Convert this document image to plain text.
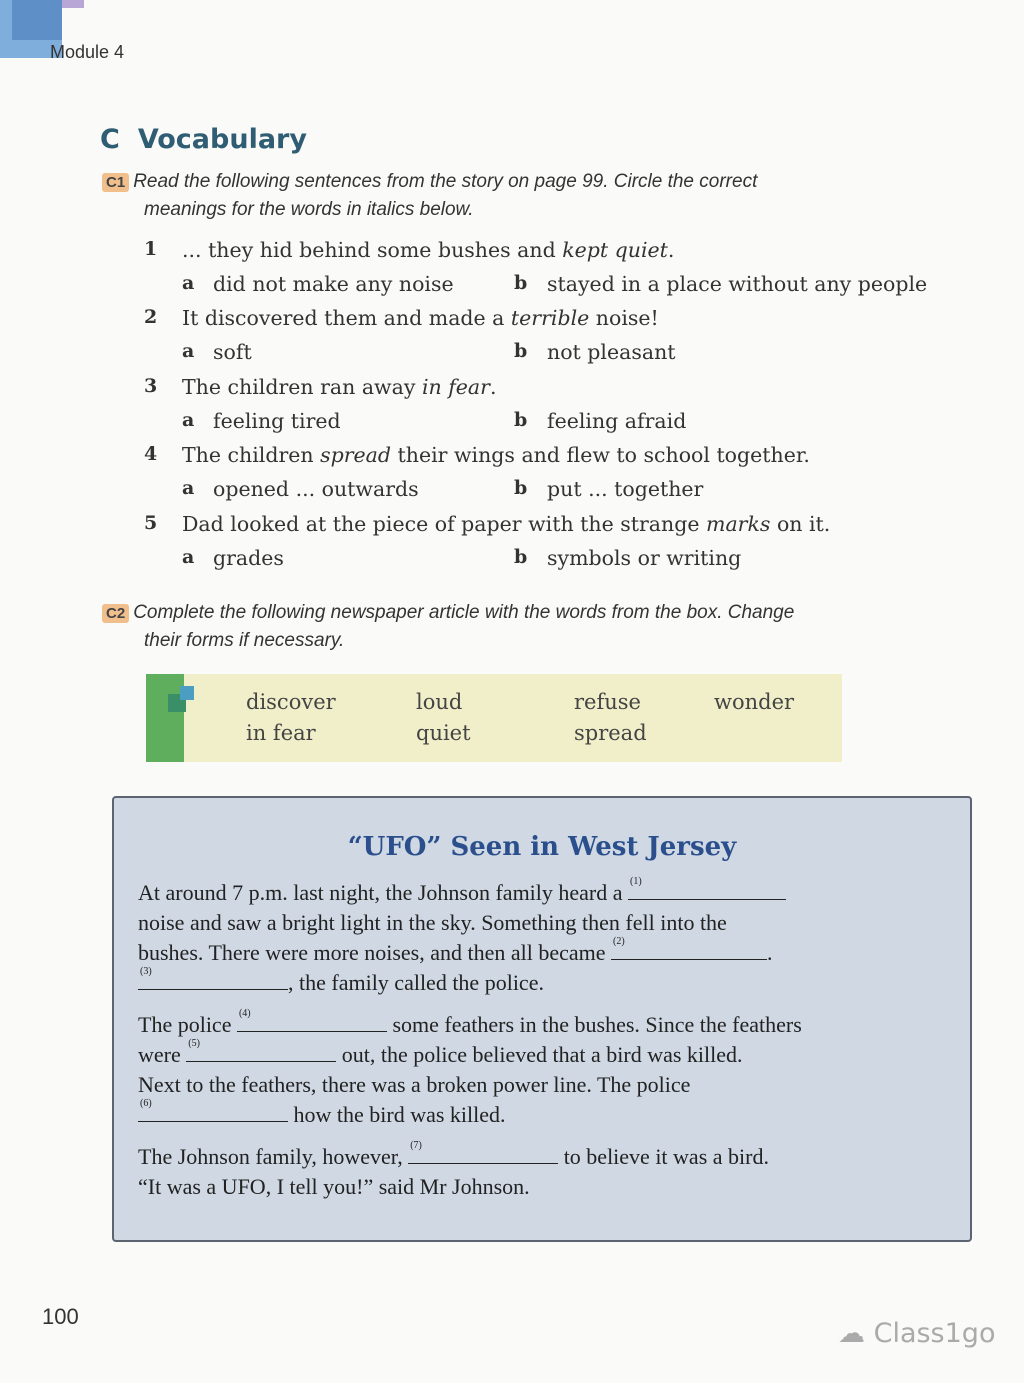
Module 4
C Vocabulary
C1 Read the following sentences from the story on page 99. Circle the correct
meanings for the words in italics below.
1 ... they hid behind some bushes and kept quiet.
a did not make any noise	b stayed in a place without any people
2 It discovered them and made a terrible noise!
a soft	b not pleasant
3 The children ran away in fear.
a feeling tired	b feeling afraid
4 The children spread their wings and flew to school together.
a opened ... outwards	b put ... together
5 Dad looked at the piece of paper with the strange marks on it.
a grades	b symbols or writing
C2 Complete the following newspaper article with the words from the box. Change
their forms if necessary.
discover	loud	refuse	wonder
in fear	quiet	spread
“UFO” Seen in West Jersey
At around 7 p.m. last night, the Johnson family heard a (1)
noise and saw a bright light in the sky. Something then fell into the
bushes. There were more noises, and then all became (2)	.
(3)	, the family called the police.
The police (4)	some feathers in the bushes. Since the feathers
were (5)	out, the police believed that a bird was killed.
Next to the feathers, there was a broken power line. The police
(6)	how the bird was killed.
The Johnson family, however, (7)	to believe it was a bird.
“It was a UFO, I tell you!” said Mr Johnson.
100
☁ Class1go
